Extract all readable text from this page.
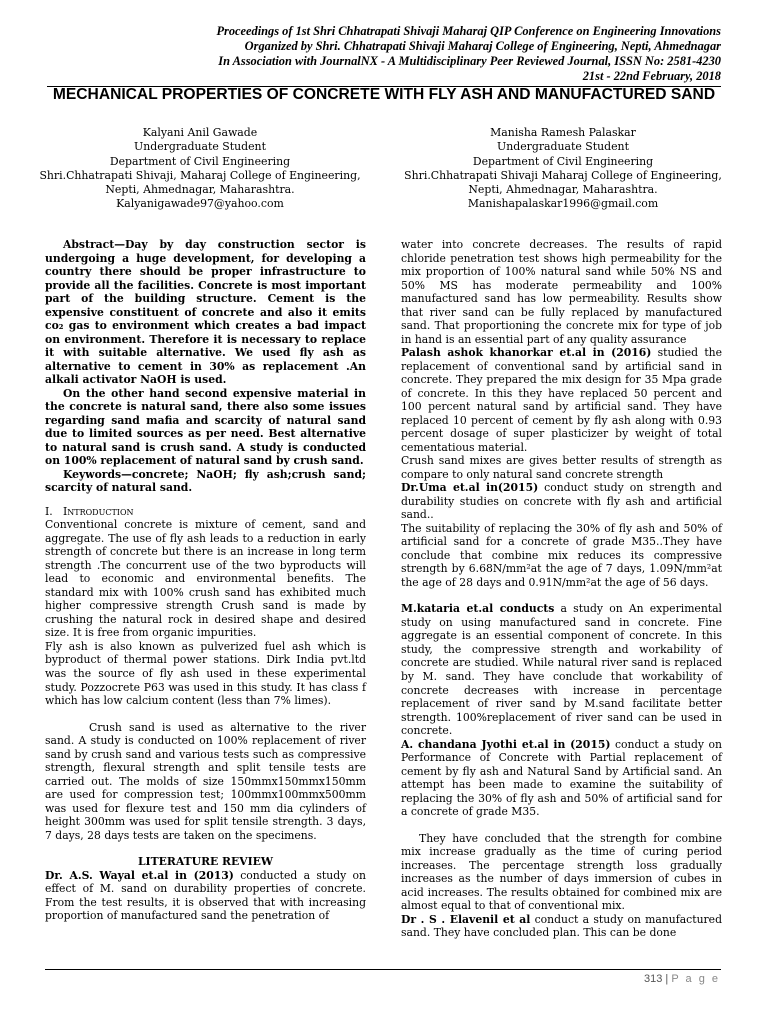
Proceedings of 1st Shri Chhatrapati Shivaji Maharaj QIP Conference on Engineering Innovations
Organized by Shri. Chhatrapati Shivaji Maharaj College of Engineering, Nepti, Ahmednagar
In Association with JournalNX - A Multidisciplinary Peer Reviewed Journal, ISSN No: 2581-4230
21st - 22nd February, 2018
MECHANICAL PROPERTIES OF CONCRETE WITH FLY ASH AND MANUFACTURED SAND
Kalyani Anil Gawade
Undergraduate Student
Department of Civil Engineering
Shri.Chhatrapati Shivaji, Maharaj College of Engineering,
Nepti, Ahmednagar, Maharashtra.
Kalyanigawade97@yahoo.com
Manisha Ramesh Palaskar
Undergraduate Student
Department of Civil Engineering
Shri.Chhatrapati Shivaji Maharaj College of Engineering,
Nepti, Ahmednagar, Maharashtra.
Manishapalaskar1996@gmail.com

Abstract—Day by day construction sector is undergoing a huge development, for developing a country there should be proper infrastructure to provide all the facilities. Concrete is most important part of the building structure. Cement is the expensive constituent of concrete and also it emits co₂ gas to environment which creates a bad impact on environment. Therefore it is necessary to replace it with suitable alternative. We used fly ash as alternative to cement in 30% as replacement .An alkali activator NaOH is used.

On the other hand second expensive material in the concrete is natural sand, there also some issues regarding sand mafia and scarcity of natural sand due to limited sources as per need. Best alternative to natural sand is crush sand. A study is conducted on 100% replacement of natural sand by crush sand.

Keywords—concrete; NaOH; fly ash;crush sand; scarcity of natural sand.

I. Introduction

Conventional concrete is mixture of cement, sand and aggregate. The use of fly ash leads to a reduction in early strength of concrete but there is an increase in long term strength .The concurrent use of the two byproducts will lead to economic and environmental benefits. The standard mix with 100% crush sand has exhibited much higher compressive strength Crush sand is made by crushing the natural rock in desired shape and desired size. It is free from organic impurities.

Fly ash is also known as pulverized fuel ash which is byproduct of thermal power stations. Dirk India pvt.ltd was the source of fly ash used in these experimental study. Pozzocrete P63 was used in this study. It has class f which has low calcium content (less than 7% limes).

Crush sand is used as alternative to the river sand. A study is conducted on 100% replacement of river sand by crush sand and various tests such as compressive strength, flexural strength and split tensile tests are carried out. The molds of size 150mmx150mmx150mm are used for compression test; 100mmx100mmx500mm was used for flexure test and 150 mm dia cylinders of height 300mm was used for split tensile strength. 3 days, 7 days, 28 days tests are taken on the specimens.

LITERATURE REVIEW

Dr. A.S. Wayal et.al in (2013) conducted a study on effect of M. sand on durability properties of concrete. From the test results, it is observed that with increasing proportion of manufactured sand the penetration of

water into concrete decreases. The results of rapid chloride penetration test shows high permeability for the mix proportion of 100% natural sand while 50% NS and 50% MS has moderate permeability and 100% manufactured sand has low permeability. Results show that river sand can be fully replaced by manufactured sand. That proportioning the concrete mix for type of job in hand is an essential part of any quality assurance

Palash ashok khanorkar et.al in (2016) studied the replacement of conventional sand by artificial sand in concrete. They prepared the mix design for 35 Mpa grade of concrete. In this they have replaced 50 percent and 100 percent natural sand by artificial sand. They have replaced 10 percent of cement by fly ash along with 0.93 percent dosage of super plasticizer by weight of total cementatious material.

Crush sand mixes are gives better results of strength as compare to only natural sand concrete strength

Dr.Uma et.al in(2015) conduct study on strength and durability studies on concrete with fly ash and artificial sand..

The suitability of replacing the 30% of fly ash and 50% of artificial sand for a concrete of grade M35..They have conclude that combine mix reduces its compressive strength by 6.68N/mm²at the age of 7 days, 1.09N/mm²at the age of 28 days and 0.91N/mm²at the age of 56 days.

M.kataria et.al conducts a study on An experimental study on using manufactured sand in concrete. Fine aggregate is an essential component of concrete. In this study, the compressive strength and workability of concrete are studied. While natural river sand is replaced by M. sand. They have conclude that workability of concrete decreases with increase in percentage replacement of river sand by M.sand facilitate better strength. 100%replacement of river sand can be used in concrete.

A. chandana Jyothi et.al in (2015) conduct a study on Performance of Concrete with Partial replacement of cement by fly ash and Natural Sand by Artificial sand. An attempt has been made to examine the suitability of replacing the 30% of fly ash and 50% of artificial sand for a concrete of grade M35.

They have concluded that the strength for combine mix increase gradually as the time of curing period increases. The percentage strength loss gradually increases as the number of days immersion of cubes in acid increases. The results obtained for combined mix are almost equal to that of conventional mix.

Dr . S . Elavenil et al conduct a study on manufactured sand. They have concluded plan. This can be done

313 | P a g e
